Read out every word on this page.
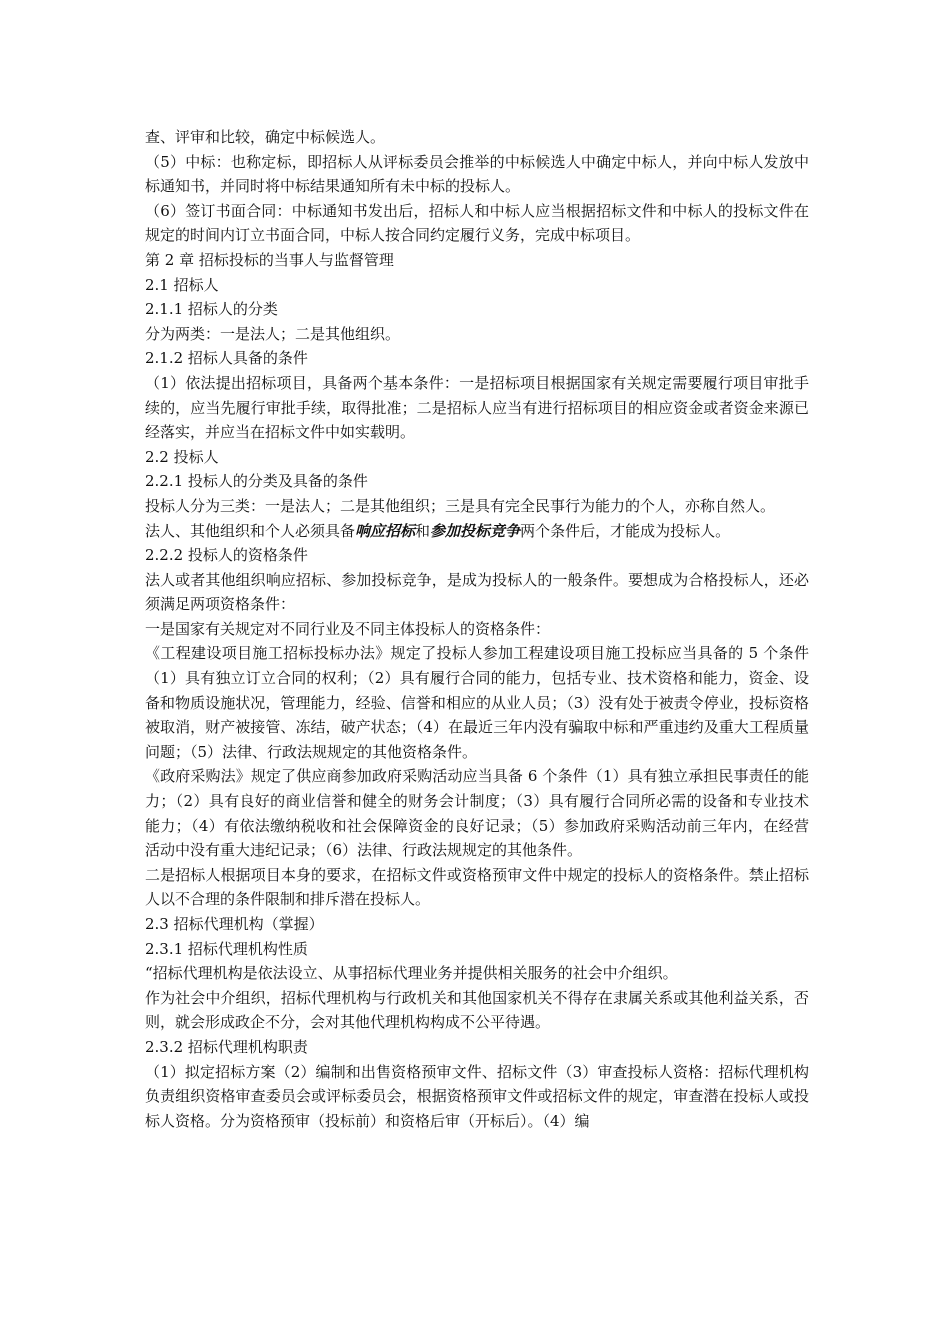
查、评审和比较，确定中标候选人。

（5）中标：也称定标，即招标人从评标委员会推举的中标候选人中确定中标人，并向中标人发放中标通知书，并同时将中标结果通知所有未中标的投标人。

（6）签订书面合同：中标通知书发出后，招标人和中标人应当根据招标文件和中标人的投标文件在规定的时间内订立书面合同，中标人按合同约定履行义务，完成中标项目。

第 2 章 招标投标的当事人与监督管理

2.1 招标人

2.1.1 招标人的分类

分为两类：一是法人；二是其他组织。

2.1.2 招标人具备的条件

（1）依法提出招标项目，具备两个基本条件：一是招标项目根据国家有关规定需要履行项目审批手续的，应当先履行审批手续，取得批准；二是招标人应当有进行招标项目的相应资金或者资金来源已经落实，并应当在招标文件中如实载明。

2.2 投标人

2.2.1 投标人的分类及具备的条件

投标人分为三类：一是法人；二是其他组织；三是具有完全民事行为能力的个人，亦称自然人。

法人、其他组织和个人必须具备响应招标和参加投标竞争两个条件后，才能成为投标人。

2.2.2 投标人的资格条件

法人或者其他组织响应招标、参加投标竞争，是成为投标人的一般条件。要想成为合格投标人，还必须满足两项资格条件：

一是国家有关规定对不同行业及不同主体投标人的资格条件：

《工程建设项目施工招标投标办法》规定了投标人参加工程建设项目施工投标应当具备的 5 个条件（1）具有独立订立合同的权利；（2）具有履行合同的能力，包括专业、技术资格和能力，资金、设备和物质设施状况，管理能力，经验、信誉和相应的从业人员；（3）没有处于被责令停业，投标资格被取消，财产被接管、冻结，破产状态；（4）在最近三年内没有骗取中标和严重违约及重大工程质量问题；（5）法律、行政法规规定的其他资格条件。

《政府采购法》规定了供应商参加政府采购活动应当具备 6 个条件（1）具有独立承担民事责任的能力；（2）具有良好的商业信誉和健全的财务会计制度；（3）具有履行合同所必需的设备和专业技术能力；（4）有依法缴纳税收和社会保障资金的良好记录；（5）参加政府采购活动前三年内，在经营活动中没有重大违纪记录；（6）法律、行政法规规定的其他条件。

二是招标人根据项目本身的要求，在招标文件或资格预审文件中规定的投标人的资格条件。禁止招标人以不合理的条件限制和排斥潜在投标人。

2.3 招标代理机构（掌握）

2.3.1 招标代理机构性质

“招标代理机构是依法设立、从事招标代理业务并提供相关服务的社会中介组织。

作为社会中介组织，招标代理机构与行政机关和其他国家机关不得存在隶属关系或其他利益关系，否则，就会形成政企不分，会对其他代理机构构成不公平待遇。

2.3.2 招标代理机构职责

（1）拟定招标方案（2）编制和出售资格预审文件、招标文件（3）审查投标人资格：招标代理机构负责组织资格审查委员会或评标委员会，根据资格预审文件或招标文件的规定，审查潜在投标人或投标人资格。分为资格预审（投标前）和资格后审（开标后）。（4）编
